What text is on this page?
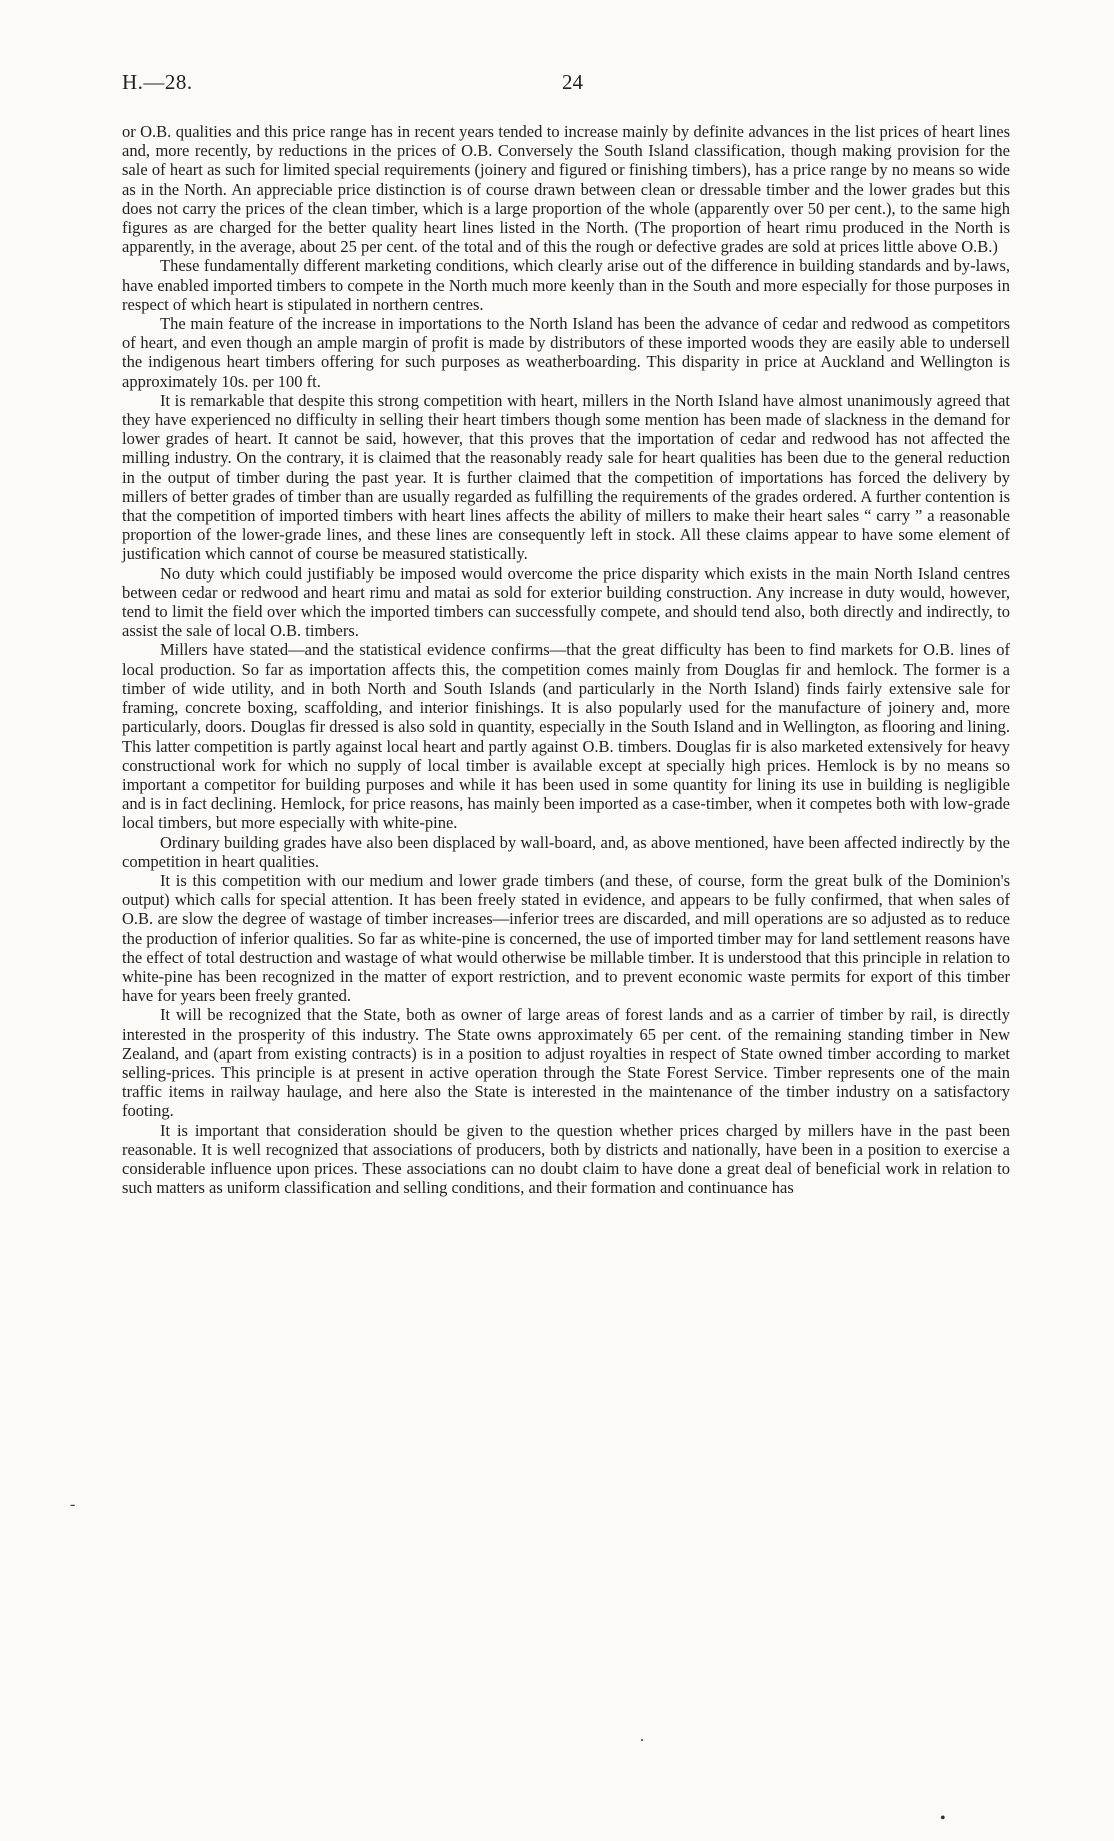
H.—28.	24

or O.B. qualities and this price range has in recent years tended to increase mainly by definite advances in the list prices of heart lines and, more recently, by reductions in the prices of O.B. Conversely the South Island classification, though making provision for the sale of heart as such for limited special requirements (joinery and figured or finishing timbers), has a price range by no means so wide as in the North. An appreciable price distinction is of course drawn between clean or dressable timber and the lower grades but this does not carry the prices of the clean timber, which is a large proportion of the whole (apparently over 50 per cent.), to the same high figures as are charged for the better quality heart lines listed in the North. (The proportion of heart rimu produced in the North is apparently, in the average, about 25 per cent. of the total and of this the rough or defective grades are sold at prices little above O.B.)

These fundamentally different marketing conditions, which clearly arise out of the difference in building standards and by-laws, have enabled imported timbers to compete in the North much more keenly than in the South and more especially for those purposes in respect of which heart is stipulated in northern centres.

The main feature of the increase in importations to the North Island has been the advance of cedar and redwood as competitors of heart, and even though an ample margin of profit is made by distributors of these imported woods they are easily able to undersell the indigenous heart timbers offering for such purposes as weatherboarding. This disparity in price at Auckland and Wellington is approximately 10s. per 100 ft.

It is remarkable that despite this strong competition with heart, millers in the North Island have almost unanimously agreed that they have experienced no difficulty in selling their heart timbers though some mention has been made of slackness in the demand for lower grades of heart. It cannot be said, however, that this proves that the importation of cedar and redwood has not affected the milling industry. On the contrary, it is claimed that the reasonably ready sale for heart qualities has been due to the general reduction in the output of timber during the past year. It is further claimed that the competition of importations has forced the delivery by millers of better grades of timber than are usually regarded as fulfilling the requirements of the grades ordered. A further contention is that the competition of imported timbers with heart lines affects the ability of millers to make their heart sales “ carry ” a reasonable proportion of the lower-grade lines, and these lines are consequently left in stock. All these claims appear to have some element of justification which cannot of course be measured statistically.

No duty which could justifiably be imposed would overcome the price disparity which exists in the main North Island centres between cedar or redwood and heart rimu and matai as sold for exterior building construction. Any increase in duty would, however, tend to limit the field over which the imported timbers can successfully compete, and should tend also, both directly and indirectly, to assist the sale of local O.B. timbers.

Millers have stated—and the statistical evidence confirms—that the great difficulty has been to find markets for O.B. lines of local production. So far as importation affects this, the competition comes mainly from Douglas fir and hemlock. The former is a timber of wide utility, and in both North and South Islands (and particularly in the North Island) finds fairly extensive sale for framing, concrete boxing, scaffolding, and interior finishings. It is also popularly used for the manufacture of joinery and, more particularly, doors. Douglas fir dressed is also sold in quantity, especially in the South Island and in Wellington, as flooring and lining. This latter competition is partly against local heart and partly against O.B. timbers. Douglas fir is also marketed extensively for heavy constructional work for which no supply of local timber is available except at specially high prices. Hemlock is by no means so important a competitor for building purposes and while it has been used in some quantity for lining its use in building is negligible and is in fact declining. Hemlock, for price reasons, has mainly been imported as a case-timber, when it competes both with low-grade local timbers, but more especially with white-pine.

Ordinary building grades have also been displaced by wall-board, and, as above mentioned, have been affected indirectly by the competition in heart qualities.

It is this competition with our medium and lower grade timbers (and these, of course, form the great bulk of the Dominion's output) which calls for special attention. It has been freely stated in evidence, and appears to be fully confirmed, that when sales of O.B. are slow the degree of wastage of timber increases—inferior trees are discarded, and mill operations are so adjusted as to reduce the production of inferior qualities. So far as white-pine is concerned, the use of imported timber may for land settlement reasons have the effect of total destruction and wastage of what would otherwise be millable timber. It is understood that this principle in relation to white-pine has been recognized in the matter of export restriction, and to prevent economic waste permits for export of this timber have for years been freely granted.

It will be recognized that the State, both as owner of large areas of forest lands and as a carrier of timber by rail, is directly interested in the prosperity of this industry. The State owns approximately 65 per cent. of the remaining standing timber in New Zealand, and (apart from existing contracts) is in a position to adjust royalties in respect of State owned timber according to market selling-prices. This principle is at present in active operation through the State Forest Service. Timber represents one of the main traffic items in railway haulage, and here also the State is interested in the maintenance of the timber industry on a satisfactory footing.

It is important that consideration should be given to the question whether prices charged by millers have in the past been reasonable. It is well recognized that associations of producers, both by districts and nationally, have been in a position to exercise a considerable influence upon prices. These associations can no doubt claim to have done a great deal of beneficial work in relation to such matters as uniform classification and selling conditions, and their formation and continuance has

-
.
•
